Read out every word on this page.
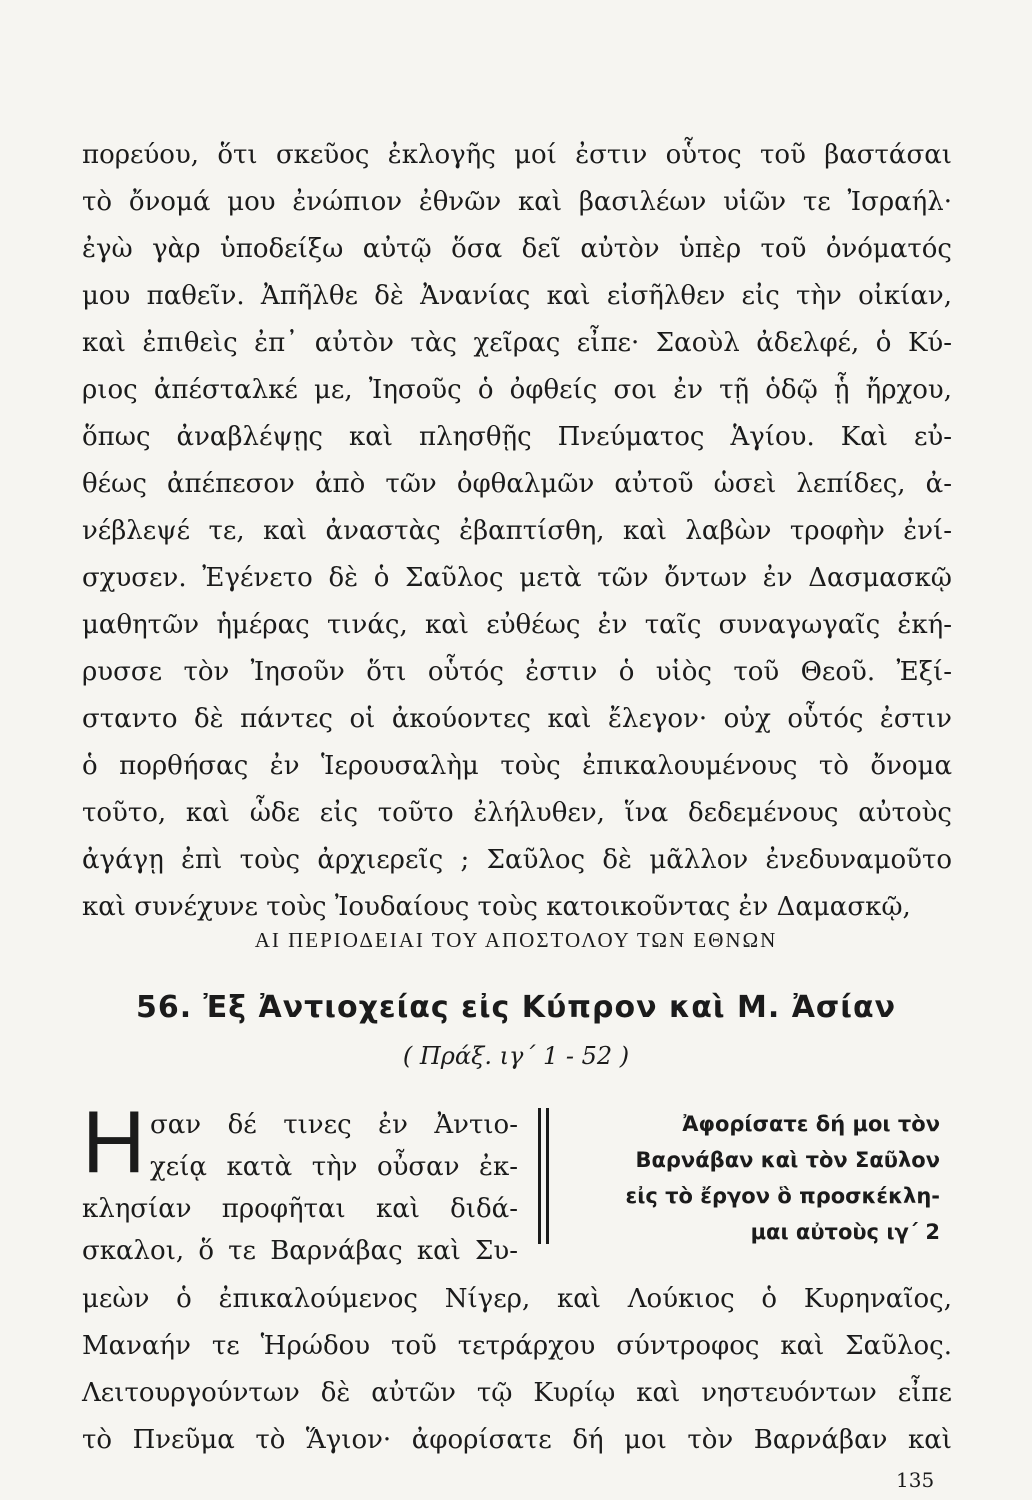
πορεύου, ὅτι σκεῦος ἐκλογῆς μοί ἐστιν οὗτος τοῦ βαστάσαι
τὸ ὄνομά μου ἐνώπιον ἐθνῶν καὶ βασιλέων υἱῶν τε Ἰσραήλ·
ἐγὼ γὰρ ὑποδείξω αὐτῷ ὅσα δεῖ αὐτὸν ὑπὲρ τοῦ ὀνόματός
μου παθεῖν. Ἀπῆλθε δὲ Ἀνανίας καὶ εἰσῆλθεν εἰς τὴν οἰκίαν,
καὶ ἐπιθεὶς ἐπ᾽ αὐτὸν τὰς χεῖρας εἶπε· Σαοὺλ ἀδελφέ, ὁ Κύ-
ριος ἀπέσταλκέ με, Ἰησοῦς ὁ ὀφθείς σοι ἐν τῇ ὁδῷ ᾗ ἤρχου,
ὅπως ἀναβλέψῃς καὶ πλησθῇς Πνεύματος Ἁγίου. Καὶ εὐ-
θέως ἀπέπεσον ἀπὸ τῶν ὀφθαλμῶν αὐτοῦ ὡσεὶ λεπίδες, ἀ-
νέβλεψέ τε, καὶ ἀναστὰς ἐβαπτίσθη, καὶ λαβὼν τροφὴν ἐνί-
σχυσεν. Ἐγένετο δὲ ὁ Σαῦλος μετὰ τῶν ὄντων ἐν Δασμασκῷ
μαθητῶν ἡμέρας τινάς, καὶ εὐθέως ἐν ταῖς συναγωγαῖς ἐκή-
ρυσσε τὸν Ἰησοῦν ὅτι οὗτός ἐστιν ὁ υἱὸς τοῦ Θεοῦ. Ἐξί-
σταντο δὲ πάντες οἱ ἀκούοντες καὶ ἔλεγον· οὐχ οὗτός ἐστιν
ὁ πορθήσας ἐν Ἱερουσαλὴμ τοὺς ἐπικαλουμένους τὸ ὄνομα
τοῦτο, καὶ ὧδε εἰς τοῦτο ἐλήλυθεν, ἵνα δεδεμένους αὐτοὺς
ἀγάγῃ ἐπὶ τοὺς ἀρχιερεῖς ; Σαῦλος δὲ μᾶλλον ἐνεδυναμοῦτο
καὶ συνέχυνε τοὺς Ἰουδαίους τοὺς κατοικοῦντας ἐν Δαμασκῷ,
ΑΙ ΠΕΡΙΟΔΕΙΑΙ ΤΟΥ ΑΠΟΣΤΟΛΟΥ ΤΩΝ ΕΘΝΩΝ
56. Ἐξ Ἀντιοχείας εἰς Κύπρον καὶ Μ. Ἀσίαν
( Πράξ. ιγ΄ 1 - 52 )
Η σαν δέ τινες ἐν Ἀντιο-
χείᾳ κατὰ τὴν οὖσαν ἐκ-
κλησίαν προφῆται καὶ διδά-
σκαλοι, ὅ τε Βαρνάβας καὶ Συ-
Ἀφορίσατε δή μοι τὸν
Βαρνάβαν καὶ τὸν Σαῦλον
εἰς τὸ ἔργον ὃ προσκέκλη-
μαι αὐτοὺς ιγ΄ 2
μεὼν ὁ ἐπικαλούμενος Νίγερ, καὶ Λούκιος ὁ Κυρηναῖος,
Μαναήν τε Ἡρώδου τοῦ τετράρχου σύντροφος καὶ Σαῦλος.
Λειτουργούντων δὲ αὐτῶν τῷ Κυρίῳ καὶ νηστευόντων εἶπε
τὸ Πνεῦμα τὸ Ἅγιον· ἀφορίσατε δή μοι τὸν Βαρνάβαν καὶ
135
